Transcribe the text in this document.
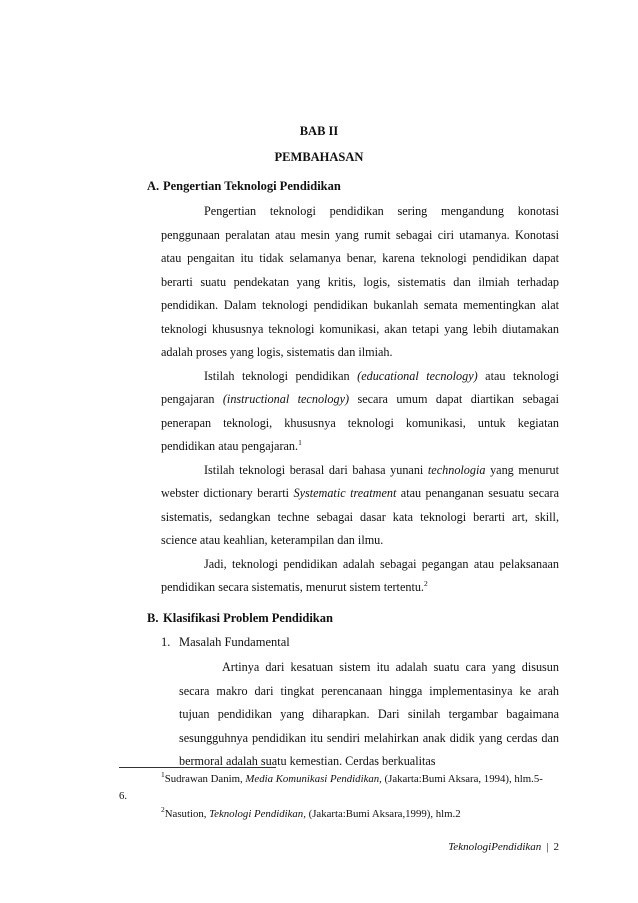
BAB II
PEMBAHASAN
A. Pengertian Teknologi Pendidikan

Pengertian teknologi pendidikan sering mengandung konotasi penggunaan peralatan atau mesin yang rumit sebagai ciri utamanya. Konotasi atau pengaitan itu tidak selamanya benar, karena teknologi pendidikan dapat berarti suatu pendekatan yang kritis, logis, sistematis dan ilmiah terhadap pendidikan. Dalam teknologi pendidikan bukanlah semata mementingkan alat teknologi khususnya teknologi komunikasi, akan tetapi yang lebih diutamakan adalah proses yang logis, sistematis dan ilmiah.

Istilah teknologi pendidikan (educational tecnology) atau teknologi pengajaran (instructional tecnology) secara umum dapat diartikan sebagai penerapan teknologi, khususnya teknologi komunikasi, untuk kegiatan pendidikan atau pengajaran.$^1$

Istilah teknologi berasal dari bahasa yunani technologia yang menurut webster dictionary berarti Systematic treatment atau penanganan sesuatu secara sistematis, sedangkan techne sebagai dasar kata teknologi berarti art, skill, science atau keahlian, keterampilan dan ilmu.

Jadi, teknologi pendidikan adalah sebagai pegangan atau pelaksanaan pendidikan secara sistematis, menurut sistem tertentu.$^2$

B. Klasifikasi Problem Pendidikan
1. Masalah Fundamental

Artinya dari kesatuan sistem itu adalah suatu cara yang disusun secara makro dari tingkat perencanaan hingga implementasinya ke arah tujuan pendidikan yang diharapkan. Dari sinilah tergambar bagaimana sesungguhnya pendidikan itu sendiri melahirkan anak didik yang cerdas dan bermoral adalah suatu kemestian. Cerdas berkualitas

$^1$Sudrawan Danim, Media Komunikasi Pendidikan, (Jakarta:Bumi Aksara, 1994), hlm.5-
6.
$^2$Nasution, Teknologi Pendidikan, (Jakarta:Bumi Aksara,1999), hlm.2
TeknologiPendidikan | 2
